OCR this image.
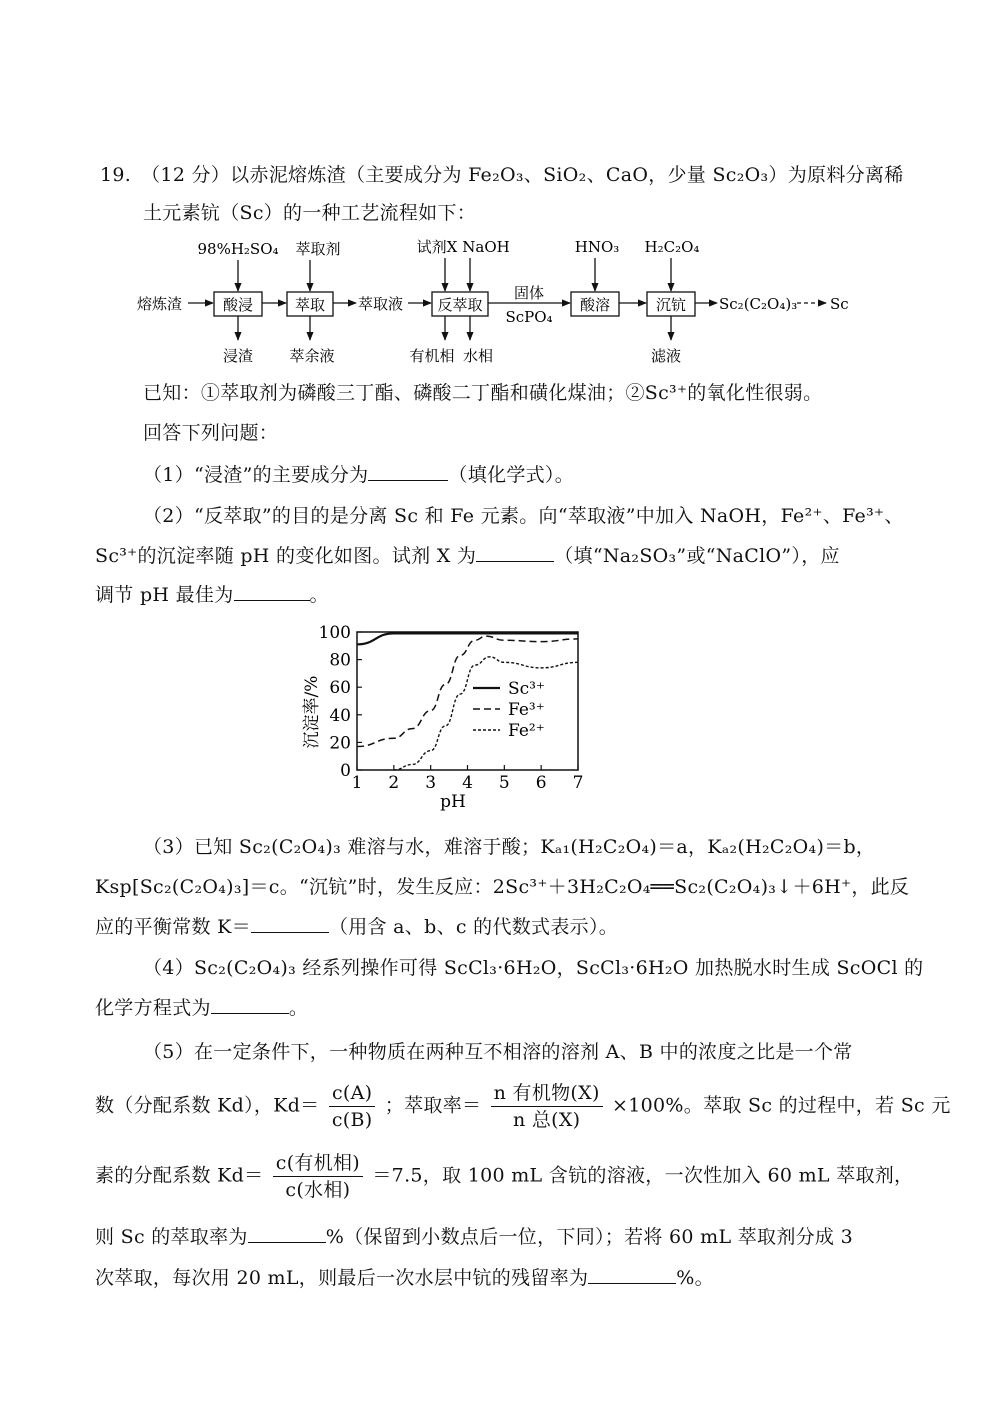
19. （12 分）以赤泥熔炼渣（主要成分为 Fe₂O₃、SiO₂、CaO，少量 Sc₂O₃）为原料分离稀
土元素钪（Sc）的一种工艺流程如下：
98%H₂SO₄ 萃取剂	试剂X NaOH	HNO₃ H₂C₂O₄
熔炼渣	酸浸	萃取 萃取液 反萃取
固体
ScPO₄
酸溶	沉钪 Sc₂(C₂O₄)₃ Sc
浸渣 萃余液	有机相 水相	滤液
已知：①萃取剂为磷酸三丁酯、磷酸二丁酯和磺化煤油；②Sc³⁺的氧化性很弱。
回答下列问题：
（1）“浸渣”的主要成分为	（填化学式）。
（2）“反萃取”的目的是分离 Sc 和 Fe 元素。向“萃取液”中加入 NaOH，Fe²⁺、Fe³⁺、
Sc³⁺的沉淀率随 pH 的变化如图。试剂 X 为	（填“Na₂SO₃”或“NaClO”），应
调节 pH 最佳为	。
0
20
40
60
80
100
1 2 3 4 5 6 7
Sc³⁺
Fe³⁺
Fe²⁺
pH
沉淀率/%
（3）已知 Sc₂(C₂O₄)₃ 难溶与水，难溶于酸；Kₐ₁(H₂C₂O₄)＝a，Kₐ₂(H₂C₂O₄)＝b，
Ksp[Sc₂(C₂O₄)₃]＝c。“沉钪”时，发生反应：2Sc³⁺＋3H₂C₂O₄══Sc₂(C₂O₄)₃↓＋6H⁺，此反
应的平衡常数 K＝	（用含 a、b、c 的代数式表示）。
（4）Sc₂(C₂O₄)₃ 经系列操作可得 ScCl₃·6H₂O，ScCl₃·6H₂O 加热脱水时生成 ScOCl 的
化学方程式为	。
（5）在一定条件下，一种物质在两种互不相溶的溶剂 A、B 中的浓度之比是一个常
数（分配系数 Kd），$Kd= \frac{c(A)}{c(B)}$ ；萃取率＝ $\frac{\text{n 有机物(X)}}{\text{n 总(X)}} \times 100\%$。萃取 Sc 的过程中，若 Sc 元
素的分配系数 $Kd= \frac{\text{c(有机相)}}{\text{c(水相)}} =7.5$，取 100 mL 含钪的溶液，一次性加入 60 mL 萃取剂，
则 Sc 的萃取率为	%（保留到小数点后一位，下同）；若将 60 mL 萃取剂分成 3
次萃取，每次用 20 mL，则最后一次水层中钪的残留率为	%。
